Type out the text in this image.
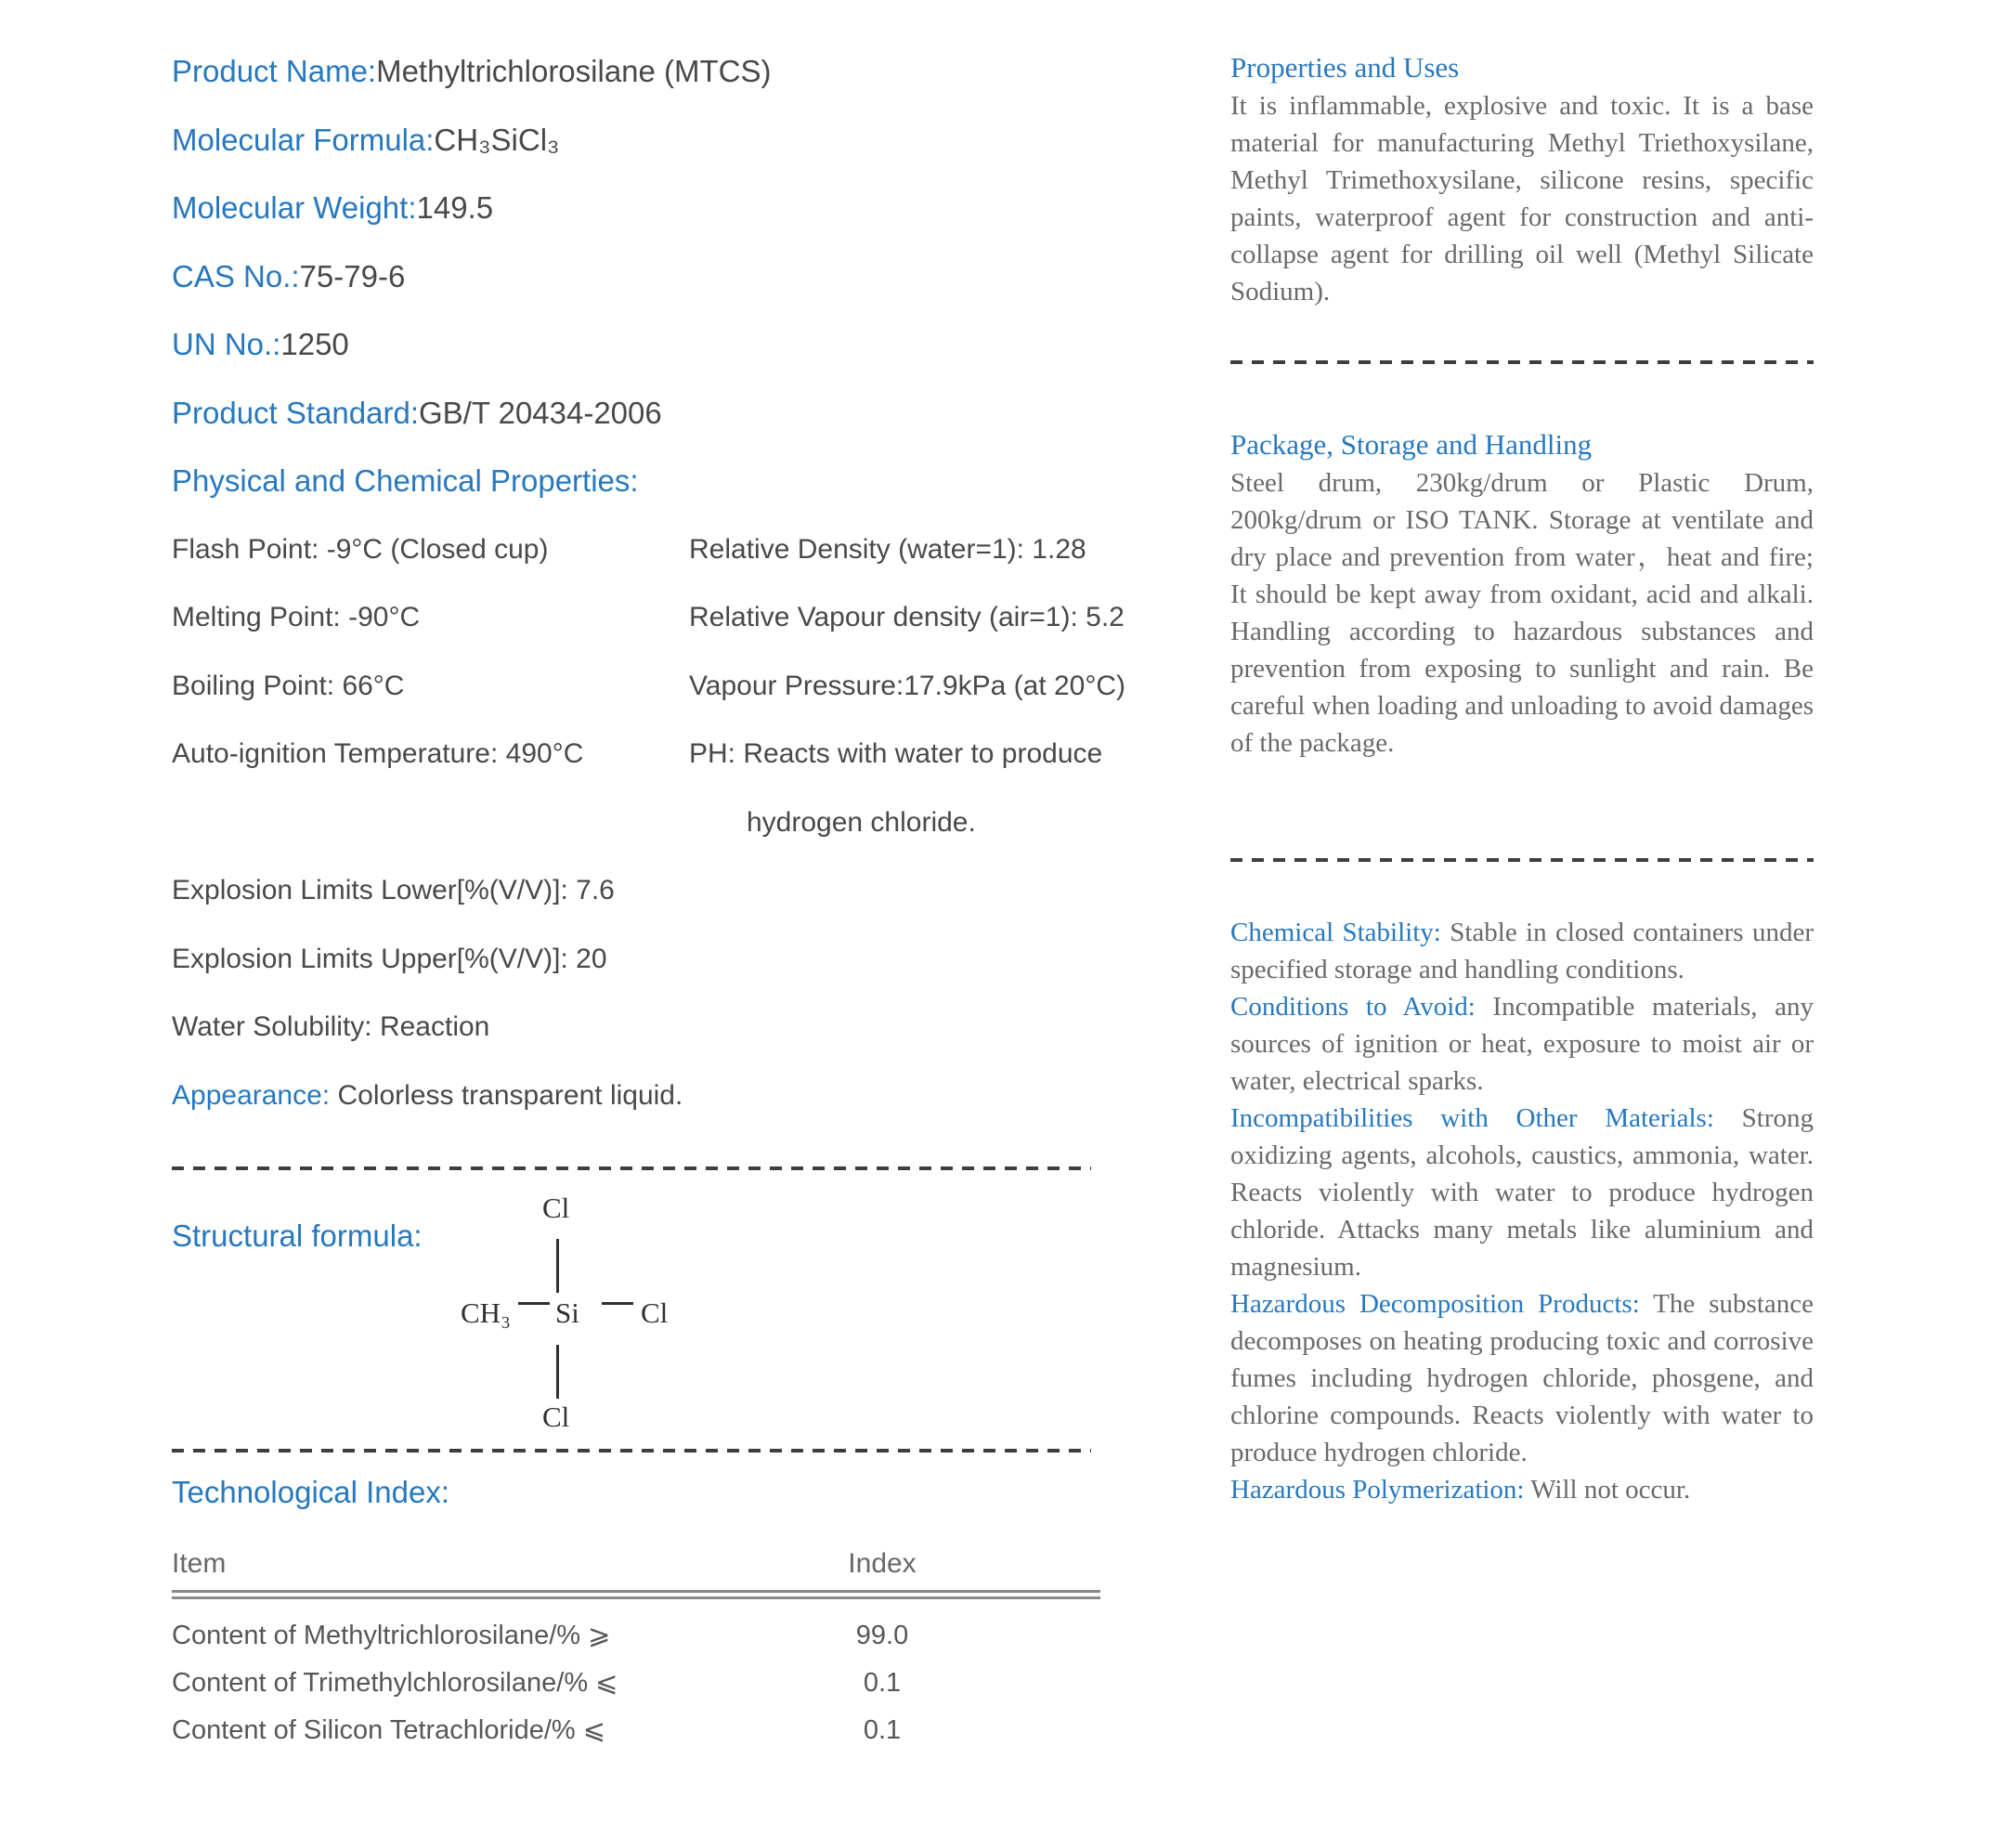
Product Name:Methyltrichlorosilane (MTCS)
Molecular Formula:CH₃SiCl₃
Molecular Weight:149.5
CAS No.:75-79-6
UN No.:1250
Product Standard:GB/T 20434-2006
Physical and Chemical Properties:
Flash Point: -9°C (Closed cup)	Relative Density (water=1): 1.28
Melting Point: -90°C	Relative Vapour density (air=1): 5.2
Boiling Point: 66°C	Vapour Pressure:17.9kPa (at 20°C)
Auto-ignition Temperature: 490°C	PH: Reacts with water to produce
hydrogen chloride.
Explosion Limits Lower[%(V/V)]: 7.6
Explosion Limits Upper[%(V/V)]: 20
Water Solubility: Reaction
Appearance: Colorless transparent liquid.
Structural formula:
Cl
CH₃ Si Cl
Cl
Technological Index:
Item	Index
Content of Methyltrichlorosilane/% ⩾	99.0
Content of Trimethylchlorosilane/% ⩽	0.1
Content of Silicon Tetrachloride/% ⩽	0.1
Properties and Uses

It is inflammable, explosive and toxic. It is a base material for manufacturing Methyl Triethoxysilane, Methyl Trimethoxysilane, silicone resins, specific paints, waterproof agent for construction and anti-collapse agent for drilling oil well (Methyl Silicate Sodium).

Package, Storage and Handling

Steel drum, 230kg/drum or Plastic Drum, 200kg/drum or ISO TANK. Storage at ventilate and dry place and prevention from water，heat and fire; It should be kept away from oxidant, acid and alkali. Handling according to hazardous substances and prevention from exposing to sunlight and rain. Be careful when loading and unloading to avoid damages of the package.

Chemical Stability: Stable in closed containers under specified storage and handling conditions.

Conditions to Avoid: Incompatible materials, any sources of ignition or heat, exposure to moist air or water, electrical sparks.

Incompatibilities with Other Materials: Strong oxidizing agents, alcohols, caustics, ammonia, water. Reacts violently with water to produce hydrogen chloride. Attacks many metals like aluminium and magnesium.

Hazardous Decomposition Products: The substance decomposes on heating producing toxic and corrosive fumes including hydrogen chloride, phosgene, and chlorine compounds. Reacts violently with water to produce hydrogen chloride.

Hazardous Polymerization: Will not occur.
